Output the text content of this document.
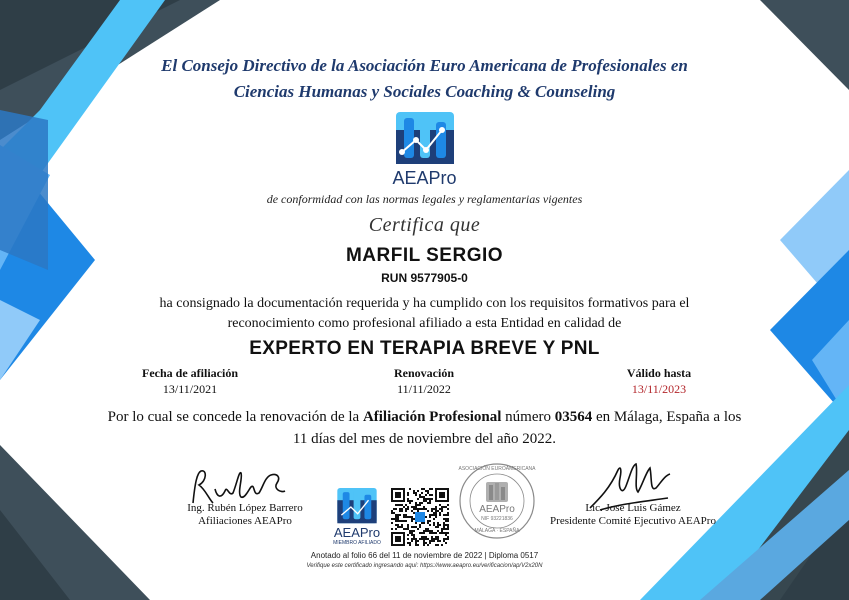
El Consejo Directivo de la Asociación Euro Americana de Profesionales en
Ciencias Humanas y Sociales Coaching & Counseling
AEAPro
de conformidad con las normas legales y reglamentarias vigentes
Certifica que
MARFIL SERGIO
RUN 9577905-0
ha consignado la documentación requerida y ha cumplido con los requisitos formativos para el
reconocimiento como profesional afiliado a esta Entidad en calidad de
EXPERTO EN TERAPIA BREVE Y PNL
Fecha de afiliación
13/11/2021
Renovación
11/11/2022
Válido hasta
13/11/2023
Por lo cual se concede la renovación de la Afiliación Profesional número 03564 en Málaga, España a los
11 días del mes de noviembre del año 2022.
Ing. Rubén López Barrero
Afiliaciones AEAPro
AEAPro
MIEMBRO AFILIADO
ASOCIACIÓN EUROAMERICANA
AEAPro
NIF 93221836
MÁLAGA · ESPAÑA
Lic. José Luis Gámez
Presidente Comité Ejecutivo AEAPro
Anotado al folio 66 del 11 de noviembre de 2022 | Diploma 0517
Verifique este certificado ingresando aquí: https://www.aeapro.eu/verificacion/ap/V2x20N
